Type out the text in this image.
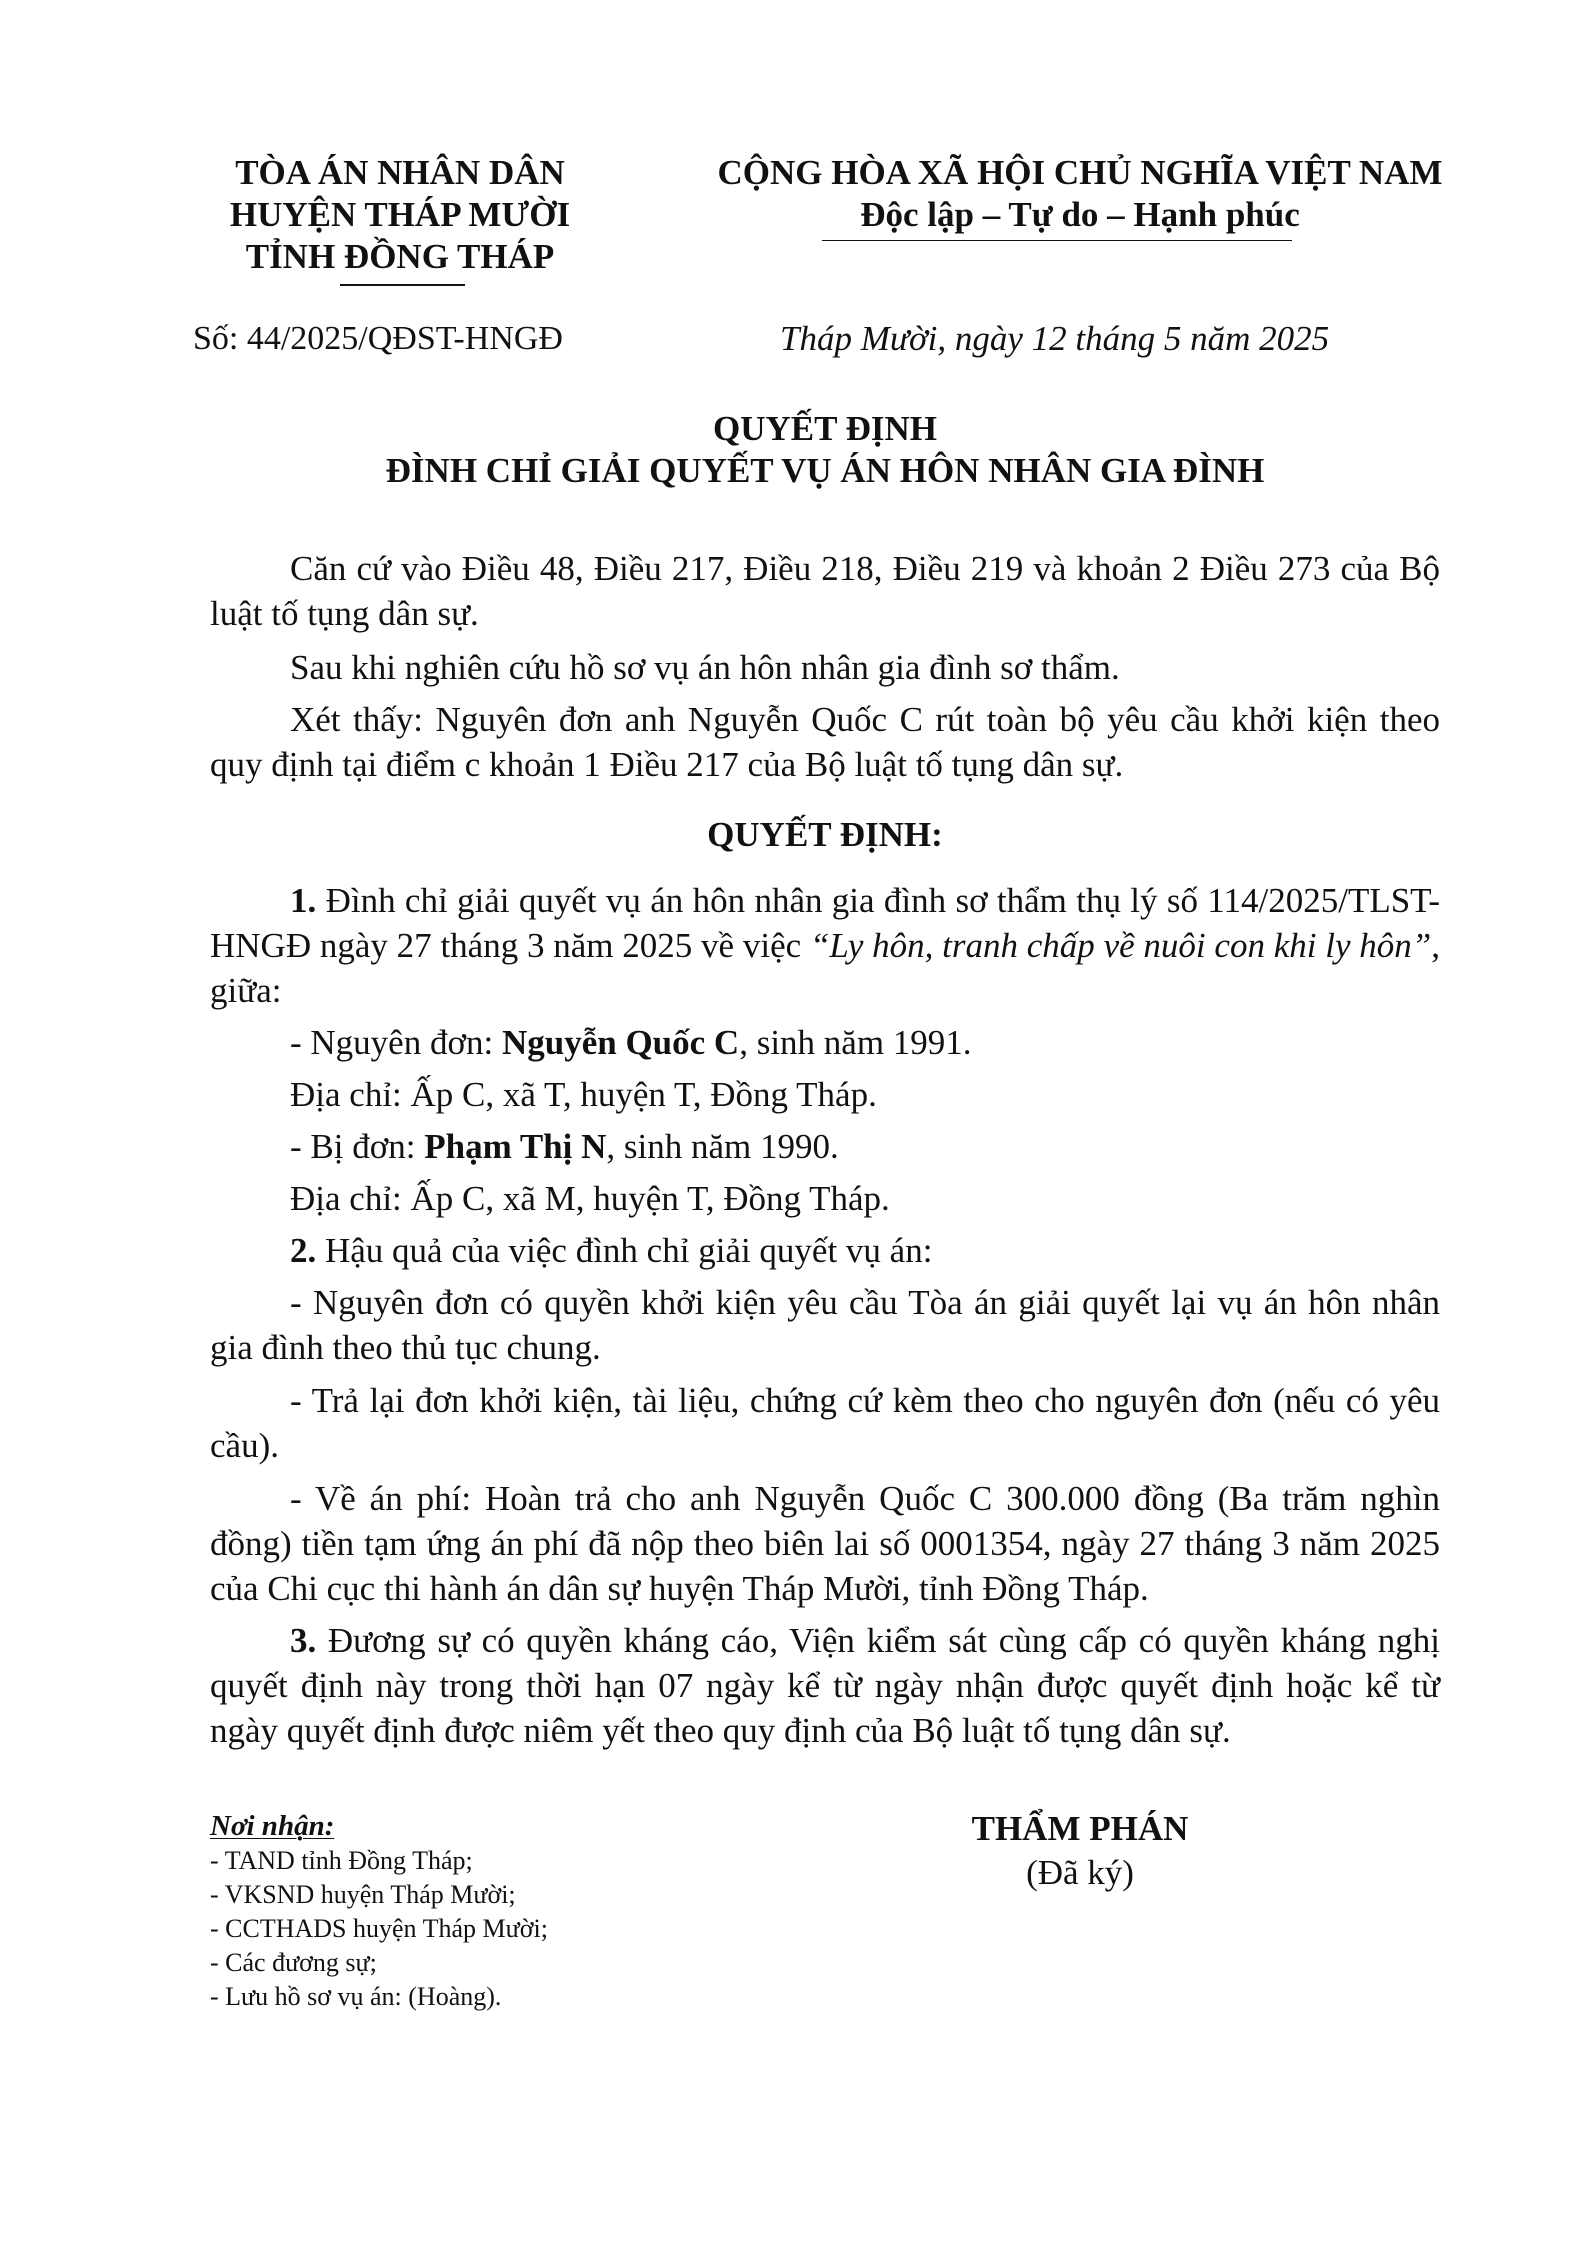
TÒA ÁN NHÂN DÂN
HUYỆN THÁP MƯỜI
TỈNH ĐỒNG THÁP
CỘNG HÒA XÃ HỘI CHỦ NGHĨA VIỆT NAM
Độc lập – Tự do – Hạnh phúc
Số: 44/2025/QĐST-HNGĐ	Tháp Mười, ngày 12 tháng 5 năm 2025
QUYẾT ĐỊNH
ĐÌNH CHỈ GIẢI QUYẾT VỤ ÁN HÔN NHÂN GIA ĐÌNH
Căn cứ vào Điều 48, Điều 217, Điều 218, Điều 219 và khoản 2 Điều 273 của Bộ luật tố tụng dân sự.
Sau khi nghiên cứu hồ sơ vụ án hôn nhân gia đình sơ thẩm.
Xét thấy: Nguyên đơn anh Nguyễn Quốc C rút toàn bộ yêu cầu khởi kiện theo quy định tại điểm c khoản 1 Điều 217 của Bộ luật tố tụng dân sự.
QUYẾT ĐỊNH:
1. Đình chỉ giải quyết vụ án hôn nhân gia đình sơ thẩm thụ lý số 114/2025/TLST-HNGĐ ngày 27 tháng 3 năm 2025 về việc “Ly hôn, tranh chấp về nuôi con khi ly hôn”, giữa:
- Nguyên đơn: Nguyễn Quốc C, sinh năm 1991.
Địa chỉ: Ấp C, xã T, huyện T, Đồng Tháp.
- Bị đơn: Phạm Thị N, sinh năm 1990.
Địa chỉ: Ấp C, xã M, huyện T, Đồng Tháp.
2. Hậu quả của việc đình chỉ giải quyết vụ án:
- Nguyên đơn có quyền khởi kiện yêu cầu Tòa án giải quyết lại vụ án hôn nhân gia đình theo thủ tục chung.
- Trả lại đơn khởi kiện, tài liệu, chứng cứ kèm theo cho nguyên đơn (nếu có yêu cầu).
- Về án phí: Hoàn trả cho anh Nguyễn Quốc C 300.000 đồng (Ba trăm nghìn đồng) tiền tạm ứng án phí đã nộp theo biên lai số 0001354, ngày 27 tháng 3 năm 2025 của Chi cục thi hành án dân sự huyện Tháp Mười, tỉnh Đồng Tháp.
3. Đương sự có quyền kháng cáo, Viện kiểm sát cùng cấp có quyền kháng nghị quyết định này trong thời hạn 07 ngày kể từ ngày nhận được quyết định hoặc kể từ ngày quyết định được niêm yết theo quy định của Bộ luật tố tụng dân sự.
Nơi nhận:
- TAND tỉnh Đồng Tháp;
- VKSND huyện Tháp Mười;
- CCTHADS huyện Tháp Mười;
- Các đương sự;
- Lưu hồ sơ vụ án: (Hoàng).
THẨM PHÁN
(Đã ký)
